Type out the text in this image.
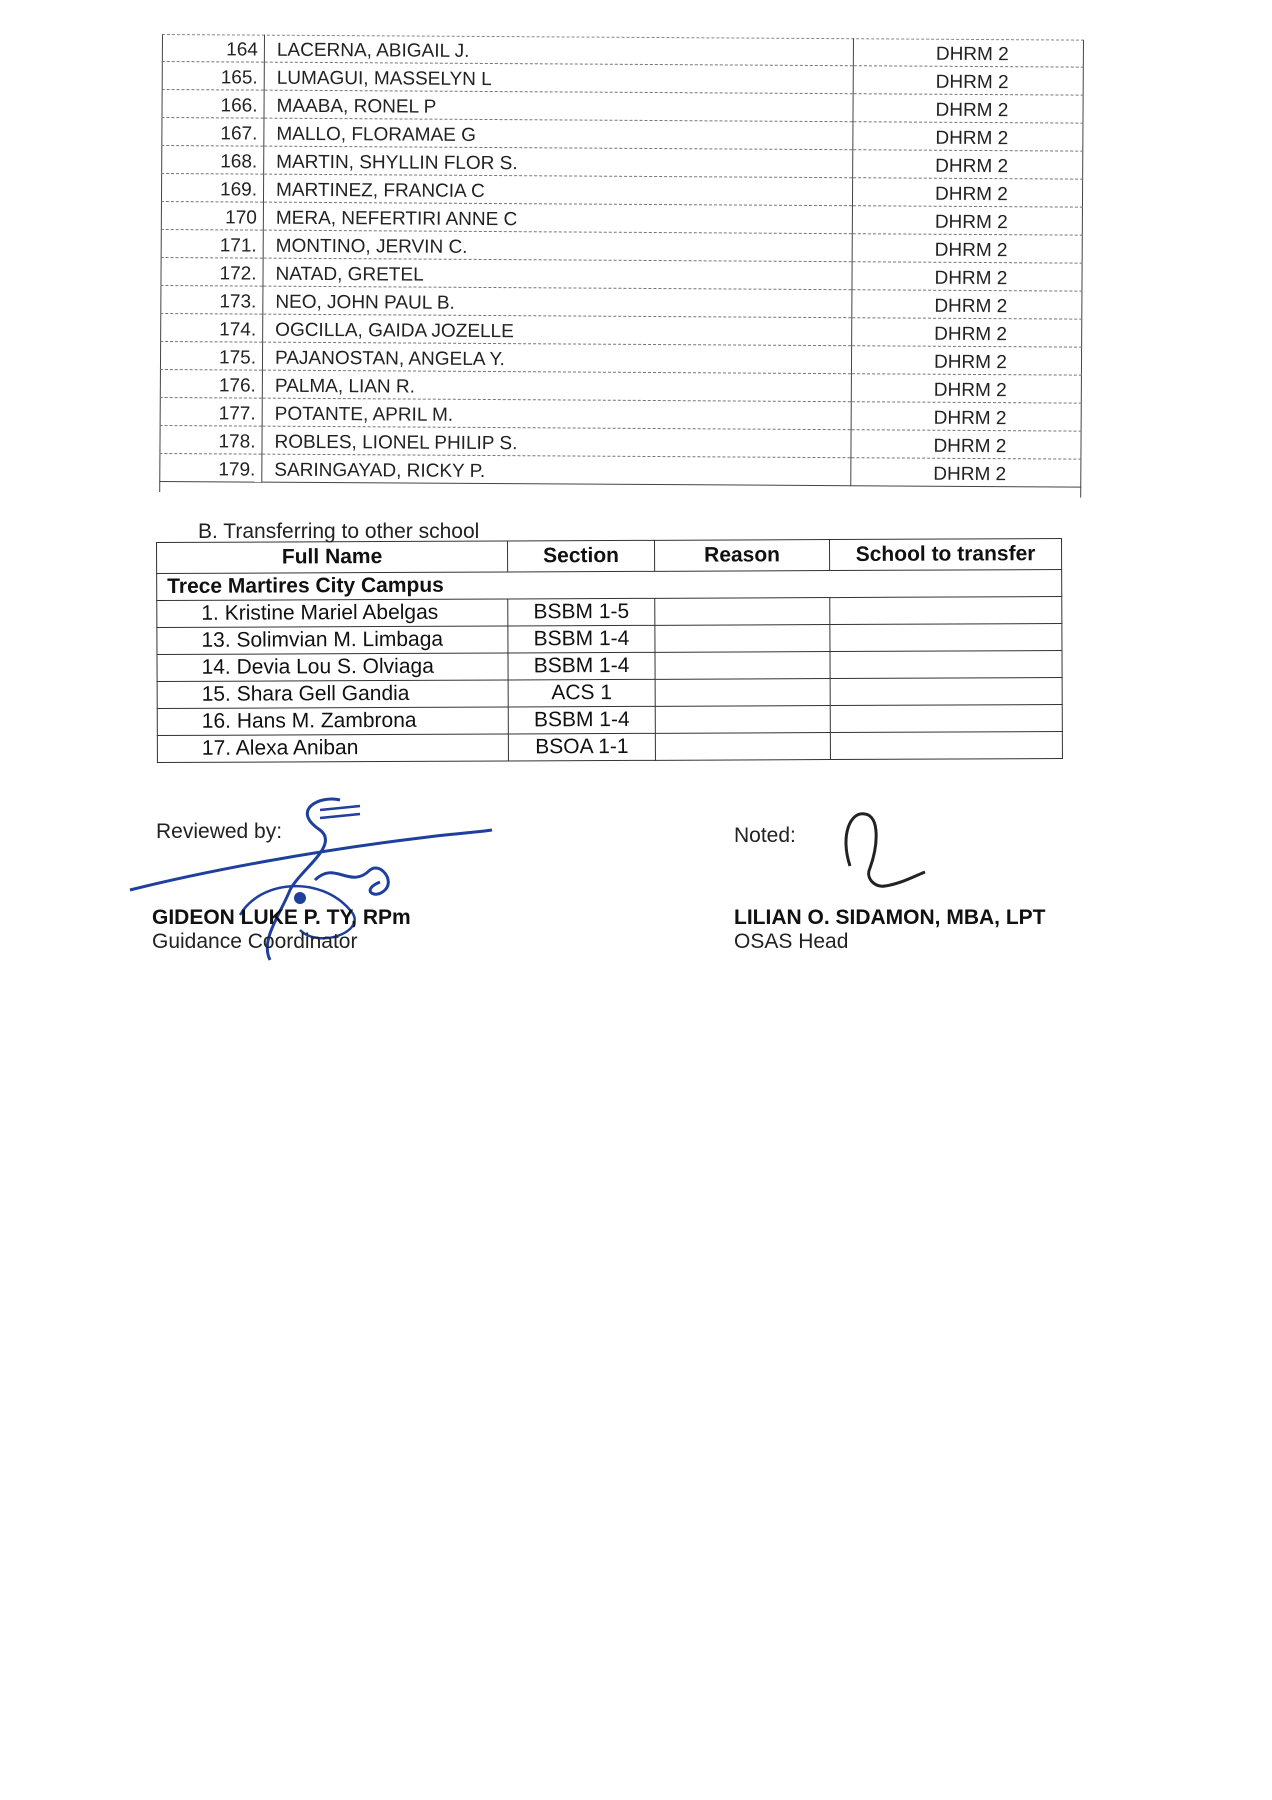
164	LACERNA, ABIGAIL J.	DHRM 2
165.	LUMAGUI, MASSELYN L	DHRM 2
166.	MAABA, RONEL P	DHRM 2
167.	MALLO, FLORAMAE G	DHRM 2
168.	MARTIN, SHYLLIN FLOR S.	DHRM 2
169.	MARTINEZ, FRANCIA C	DHRM 2
170	MERA, NEFERTIRI ANNE C	DHRM 2
171.	MONTINO, JERVIN C.	DHRM 2
172.	NATAD, GRETEL	DHRM 2
173.	NEO, JOHN PAUL B.	DHRM 2
174.	OGCILLA, GAIDA JOZELLE	DHRM 2
175.	PAJANOSTAN, ANGELA Y.	DHRM 2
176.	PALMA, LIAN R.	DHRM 2
177.	POTANTE, APRIL M.	DHRM 2
178.	ROBLES, LIONEL PHILIP S.	DHRM 2
179.	SARINGAYAD, RICKY P.	DHRM 2
B. Transferring to other school
Full Name	Section	Reason	School to transfer
Trece Martires City Campus			
1. Kristine Mariel Abelgas	BSBM 1-5		
13. Solimvian M. Limbaga	BSBM 1-4		
14. Devia Lou S. Olviaga	BSBM 1-4		
15. Shara Gell Gandia	ACS 1		
16. Hans M. Zambrona	BSBM 1-4		
17. Alexa Aniban	BSOA 1-1		
Reviewed by:
GIDEON LUKE P. TY, RPm
Guidance Coordinator
Noted:
LILIAN O. SIDAMON, MBA, LPT
OSAS Head
